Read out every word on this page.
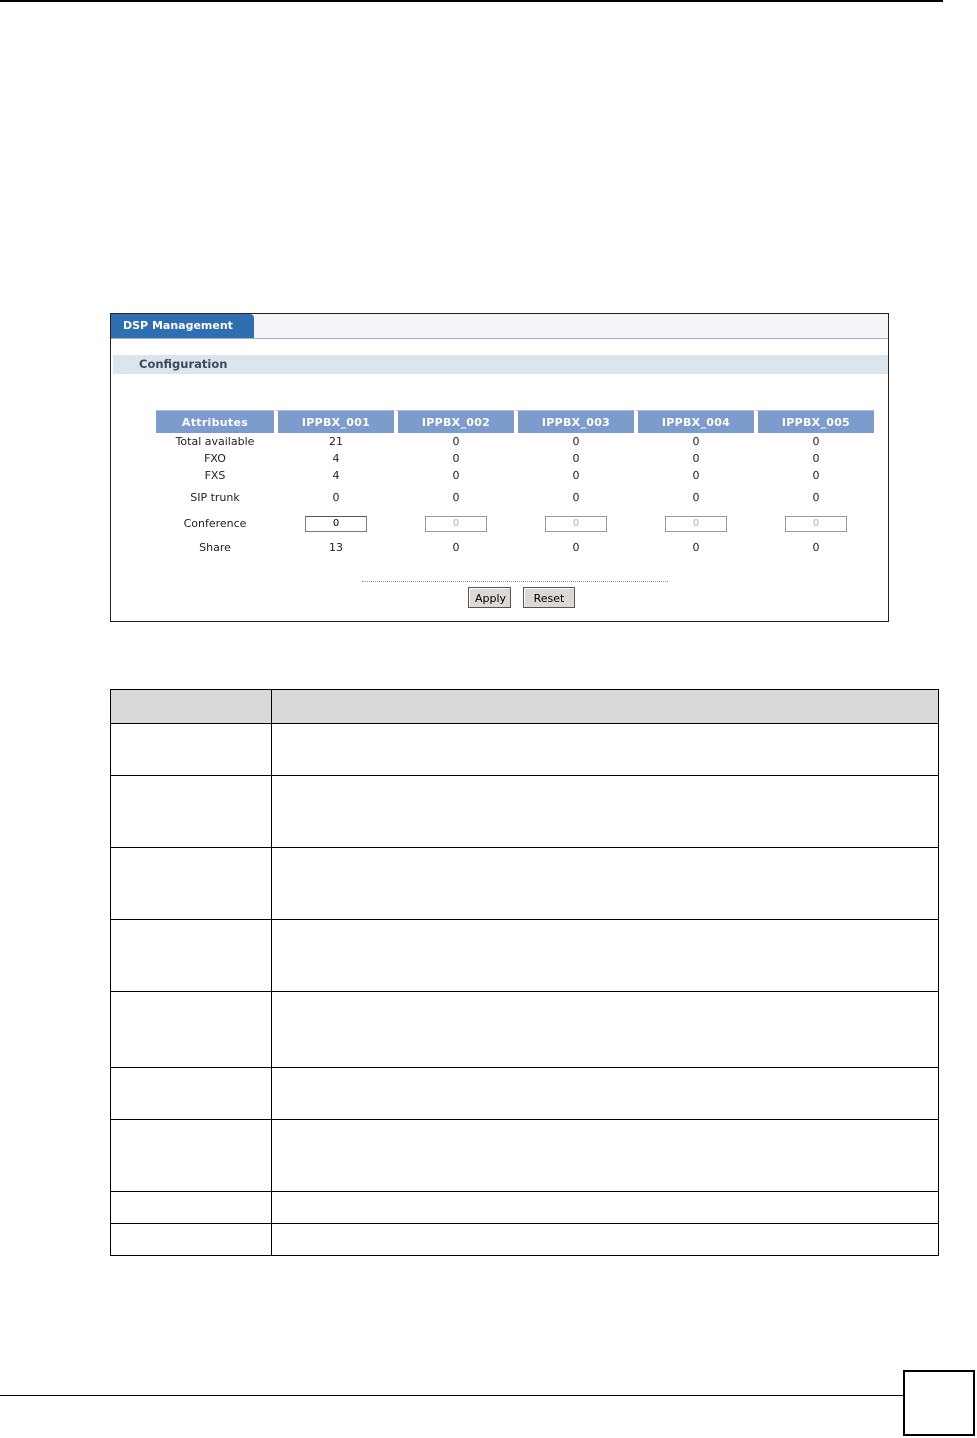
DSP Management
Configuration
Attributes	IPPBX_001	IPPBX_002	IPPBX_003	IPPBX_004	IPPBX_005
Total available	21	0	0	0	0
FXO	4	0	0	0	0
FXS	4	0	0	0	0
SIP trunk	0	0	0	0	0
Conference	0	0	0	0	0
Share	13	0	0	0	0
Apply	Reset
